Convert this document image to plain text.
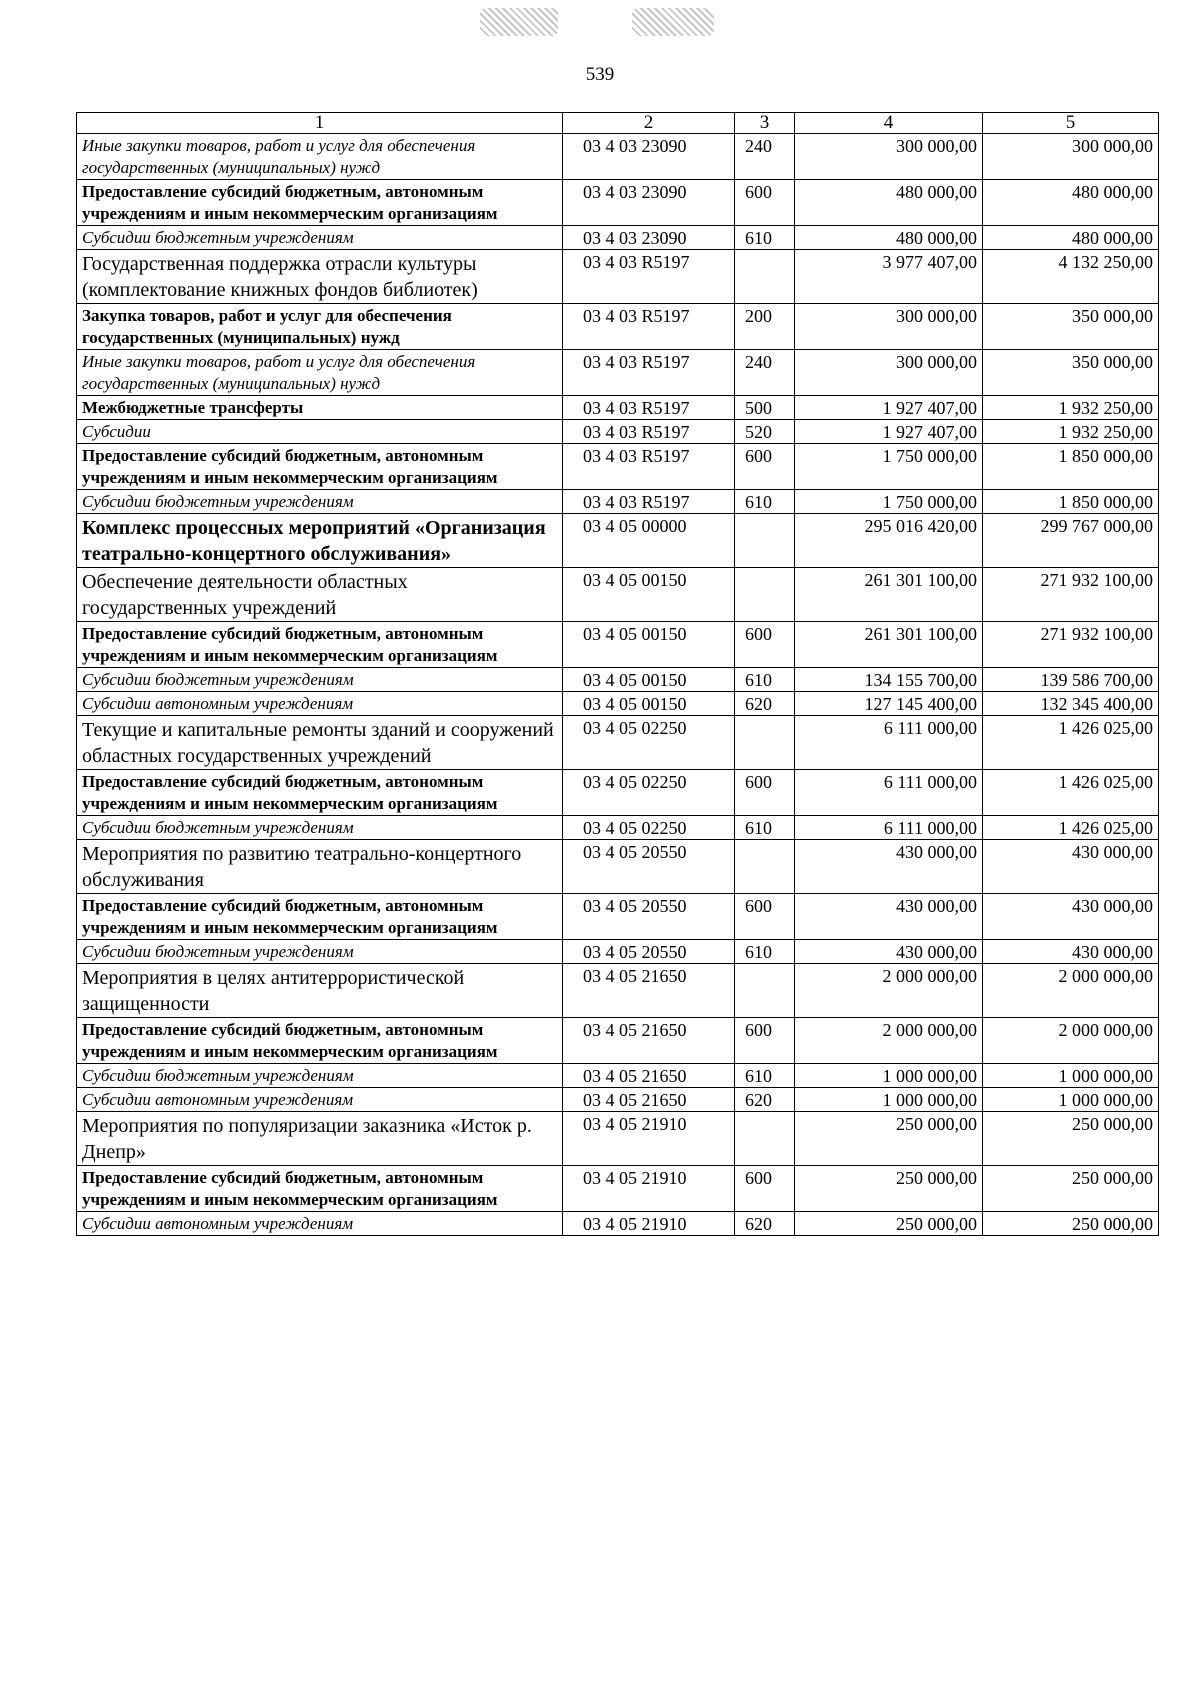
539
1	2	3	4	5
Иные закупки товаров, работ и услуг для обеспечения государственных (муниципальных) нужд	03 4 03 23090	240	300 000,00	300 000,00
Предоставление субсидий бюджетным, автономным учреждениям и иным некоммерческим организациям	03 4 03 23090	600	480 000,00	480 000,00
Субсидии бюджетным учреждениям	03 4 03 23090	610	480 000,00	480 000,00
Государственная поддержка отрасли культуры (комплектование книжных фондов библиотек)	03 4 03 R5197		3 977 407,00	4 132 250,00
Закупка товаров, работ и услуг для обеспечения государственных (муниципальных) нужд	03 4 03 R5197	200	300 000,00	350 000,00
Иные закупки товаров, работ и услуг для обеспечения государственных (муниципальных) нужд	03 4 03 R5197	240	300 000,00	350 000,00
Межбюджетные трансферты	03 4 03 R5197	500	1 927 407,00	1 932 250,00
Субсидии	03 4 03 R5197	520	1 927 407,00	1 932 250,00
Предоставление субсидий бюджетным, автономным учреждениям и иным некоммерческим организациям	03 4 03 R5197	600	1 750 000,00	1 850 000,00
Субсидии бюджетным учреждениям	03 4 03 R5197	610	1 750 000,00	1 850 000,00
Комплекс процессных мероприятий «Организация театрально-концертного обслуживания»	03 4 05 00000		295 016 420,00	299 767 000,00
Обеспечение деятельности областных государственных учреждений	03 4 05 00150		261 301 100,00	271 932 100,00
Предоставление субсидий бюджетным, автономным учреждениям и иным некоммерческим организациям	03 4 05 00150	600	261 301 100,00	271 932 100,00
Субсидии бюджетным учреждениям	03 4 05 00150	610	134 155 700,00	139 586 700,00
Субсидии автономным учреждениям	03 4 05 00150	620	127 145 400,00	132 345 400,00
Текущие и капитальные ремонты зданий и сооружений областных государственных учреждений	03 4 05 02250		6 111 000,00	1 426 025,00
Предоставление субсидий бюджетным, автономным учреждениям и иным некоммерческим организациям	03 4 05 02250	600	6 111 000,00	1 426 025,00
Субсидии бюджетным учреждениям	03 4 05 02250	610	6 111 000,00	1 426 025,00
Мероприятия по развитию театрально-концертного обслуживания	03 4 05 20550		430 000,00	430 000,00
Предоставление субсидий бюджетным, автономным учреждениям и иным некоммерческим организациям	03 4 05 20550	600	430 000,00	430 000,00
Субсидии бюджетным учреждениям	03 4 05 20550	610	430 000,00	430 000,00
Мероприятия в целях антитеррористической защищенности	03 4 05 21650		2 000 000,00	2 000 000,00
Предоставление субсидий бюджетным, автономным учреждениям и иным некоммерческим организациям	03 4 05 21650	600	2 000 000,00	2 000 000,00
Субсидии бюджетным учреждениям	03 4 05 21650	610	1 000 000,00	1 000 000,00
Субсидии автономным учреждениям	03 4 05 21650	620	1 000 000,00	1 000 000,00
Мероприятия по популяризации заказника «Исток р. Днепр»	03 4 05 21910		250 000,00	250 000,00
Предоставление субсидий бюджетным, автономным учреждениям и иным некоммерческим организациям	03 4 05 21910	600	250 000,00	250 000,00
Субсидии автономным учреждениям	03 4 05 21910	620	250 000,00	250 000,00
